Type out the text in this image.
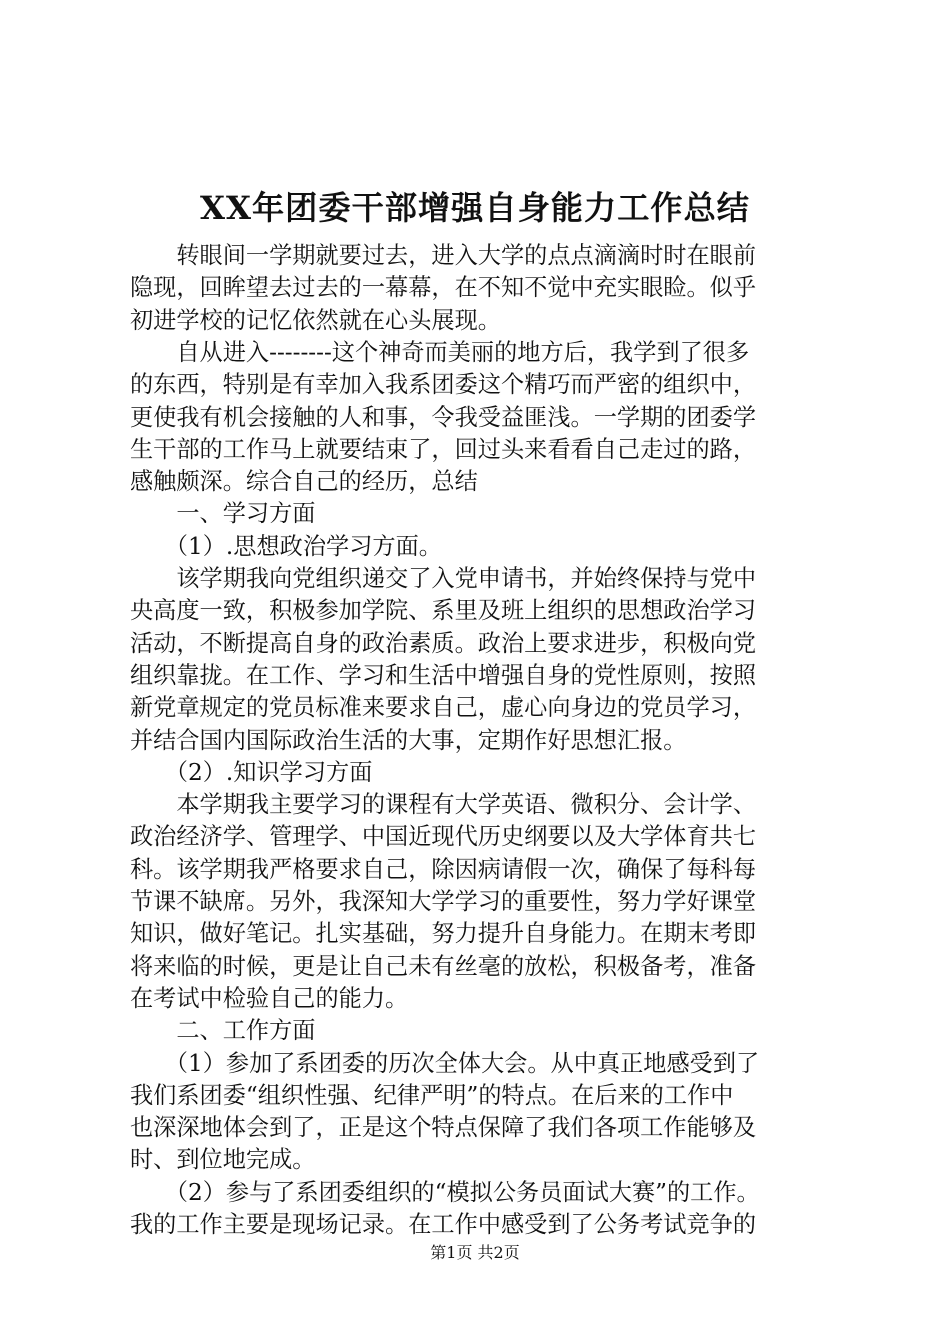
XX年团委干部增强自身能力工作总结
　　转眼间一学期就要过去，进入大学的点点滴滴时时在眼前
隐现，回眸望去过去的一幕幕，在不知不觉中充实眼睑。似乎
初进学校的记忆依然就在心头展现。
　　自从进入--------这个神奇而美丽的地方后，我学到了很多
的东西，特别是有幸加入我系团委这个精巧而严密的组织中，
更使我有机会接触的人和事，令我受益匪浅。一学期的团委学
生干部的工作马上就要结束了，回过头来看看自己走过的路，
感触颇深。综合自己的经历，总结
　　一、学习方面
　　（1）.思想政治学习方面。
　　该学期我向党组织递交了入党申请书，并始终保持与党中
央高度一致，积极参加学院、系里及班上组织的思想政治学习
活动，不断提高自身的政治素质。政治上要求进步，积极向党
组织靠拢。在工作、学习和生活中增强自身的党性原则，按照
新党章规定的党员标准来要求自己，虚心向身边的党员学习，
并结合国内国际政治生活的大事，定期作好思想汇报。
　　（2）.知识学习方面
　　本学期我主要学习的课程有大学英语、微积分、会计学、
政治经济学、管理学、中国近现代历史纲要以及大学体育共七
科。该学期我严格要求自己，除因病请假一次，确保了每科每
节课不缺席。另外，我深知大学学习的重要性，努力学好课堂
知识，做好笔记。扎实基础，努力提升自身能力。在期末考即
将来临的时候，更是让自己未有丝毫的放松，积极备考，准备
在考试中检验自己的能力。
　　二、工作方面
　　（1）参加了系团委的历次全体大会。从中真正地感受到了
我们系团委“组织性强、纪律严明”的特点。在后来的工作中
也深深地体会到了，正是这个特点保障了我们各项工作能够及
时、到位地完成。
　　（2）参与了系团委组织的“模拟公务员面试大赛”的工作。
我的工作主要是现场记录。在工作中感受到了公务考试竞争的
第1页 共2页
